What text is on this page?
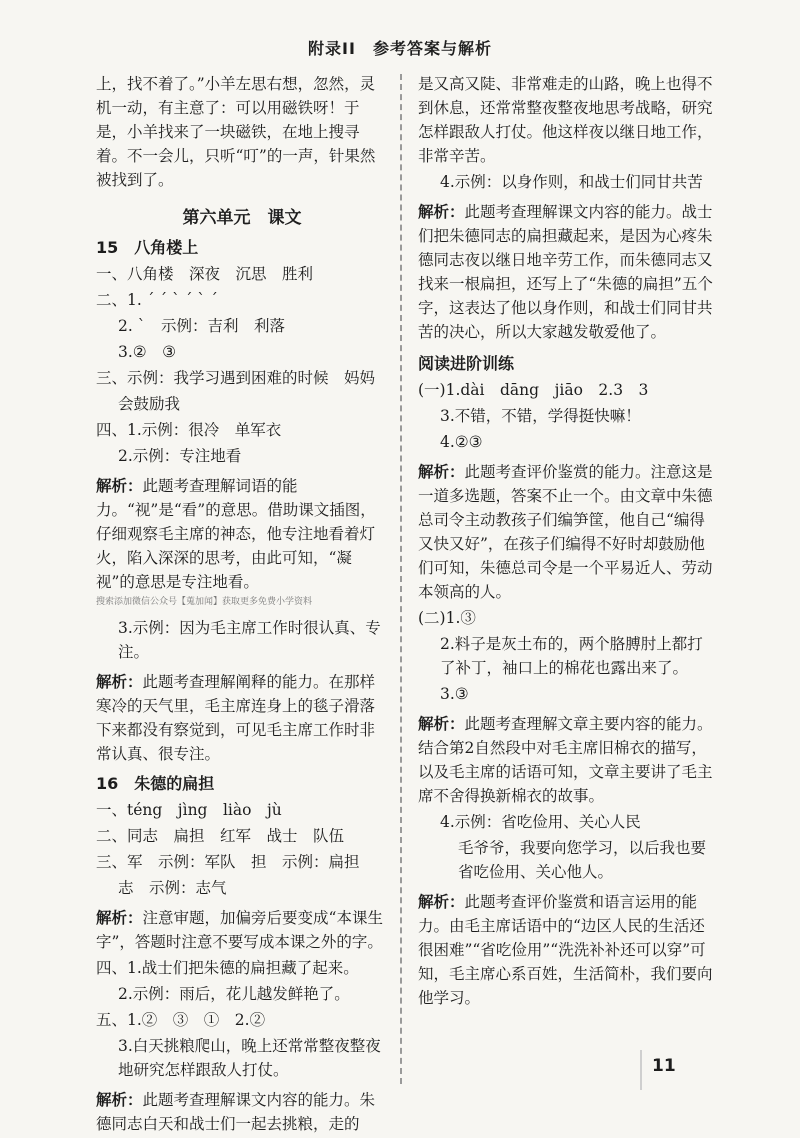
附录II　参考答案与解析

上，找不着了。”小羊左思右想，忽然，灵机一动，有主意了：可以用磁铁呀！于是，小羊找来了一块磁铁，在地上搜寻着。不一会儿，只听“叮”的一声，针果然被找到了。

第六单元　课文
15　八角楼上

一、八角楼　深夜　沉思　胜利

二、1. ˊ ˊ ˋ ˊ ˋ ˊ

2. ˋ　示例：吉利　利落

3.②　③

三、示例：我学习遇到困难的时候　妈妈

会鼓励我

四、1.示例：很冷　单军衣

2.示例：专注地看

解析：此题考查理解词语的能力。“视”是“看”的意思。借助课文插图，仔细观察毛主席的神态，他专注地看着灯火，陷入深深的思考，由此可知，“凝视”的意思是专注地看。

搜索添加微信公众号【蒐加闻】获取更多免费小学资料

3.示例：因为毛主席工作时很认真、专注。

解析：此题考查理解阐释的能力。在那样寒冷的天气里，毛主席连身上的毯子滑落下来都没有察觉到，可见毛主席工作时非常认真、很专注。

16　朱德的扁担

一、téng　jìng　liào　jù

二、同志　扁担　红军　战士　队伍

三、军　示例：军队　担　示例：扁担

志　示例：志气

解析：注意审题，加偏旁后要变成“本课生字”，答题时注意不要写成本课之外的字。

四、1.战士们把朱德的扁担藏了起来。

2.示例：雨后，花儿越发鲜艳了。

五、1.②　③　①　2.②

3.白天挑粮爬山，晚上还常常整夜整夜地研究怎样跟敌人打仗。

解析：此题考查理解课文内容的能力。朱德同志白天和战士们一起去挑粮，走的

是又高又陡、非常难走的山路，晚上也得不到休息，还常常整夜整夜地思考战略，研究怎样跟敌人打仗。他这样夜以继日地工作，非常辛苦。

4.示例：以身作则，和战士们同甘共苦

解析：此题考查理解课文内容的能力。战士们把朱德同志的扁担藏起来，是因为心疼朱德同志夜以继日地辛劳工作，而朱德同志又找来一根扁担，还写上了“朱德的扁担”五个字，这表达了他以身作则，和战士们同甘共苦的决心，所以大家越发敬爱他了。

阅读进阶训练

(一)1.dài　dāng　jiāo　2.3　3

3.不错，不错，学得挺快嘛！

4.②③

解析：此题考查评价鉴赏的能力。注意这是一道多选题，答案不止一个。由文章中朱德总司令主动教孩子们编笋筐，他自己“编得又快又好”，在孩子们编得不好时却鼓励他们可知，朱德总司令是一个平易近人、劳动本领高的人。

(二)1.③

2.料子是灰土布的，两个胳膊肘上都打了补丁，袖口上的棉花也露出来了。

3.③

解析：此题考查理解文章主要内容的能力。结合第2自然段中对毛主席旧棉衣的描写，以及毛主席的话语可知，文章主要讲了毛主席不舍得换新棉衣的故事。

4.示例：省吃俭用、关心人民

毛爷爷，我要向您学习，以后我也要省吃俭用、关心他人。

解析：此题考查评价鉴赏和语言运用的能力。由毛主席话语中的“边区人民的生活还很困难”“省吃俭用”“洗洗补补还可以穿”可知，毛主席心系百姓，生活简朴，我们要向他学习。

11
